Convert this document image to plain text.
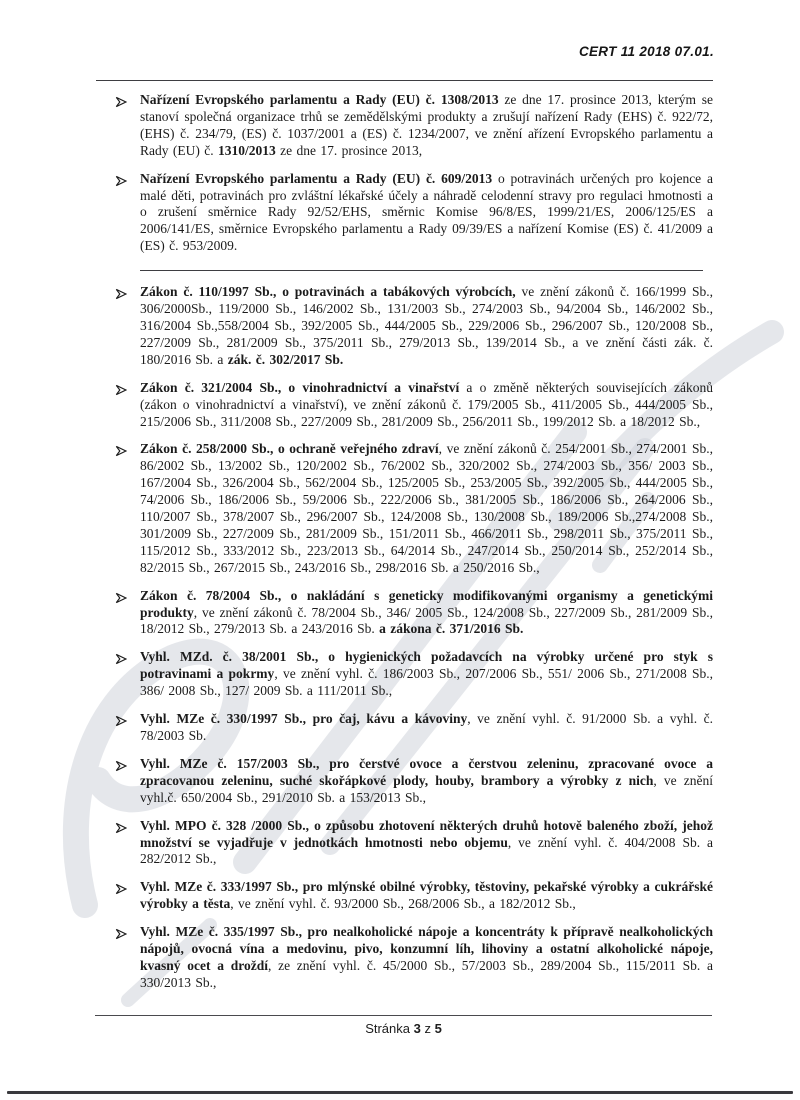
CERT 11 2018 07.01.

Nařízení Evropského parlamentu a Rady (EU) č. 1308/2013 ze dne 17. prosince 2013, kterým se stanoví společná organizace trhů se zemědělskými produkty a zrušují nařízení Rady (EHS) č. 922/72, (EHS) č. 234/79, (ES) č. 1037/2001 a (ES) č. 1234/2007, ve znění ařízení Evropského parlamentu a Rady (EU) č. 1310/2013 ze dne 17. prosince 2013,

Nařízení Evropského parlamentu a Rady (EU) č. 609/2013 o potravinách určených pro kojence a malé děti, potravinách pro zvláštní lékařské účely a náhradě celodenní stravy pro regulaci hmotnosti a o zrušení směrnice Rady 92/52/EHS, směrnic Komise 96/8/ES, 1999/21/ES, 2006/125/ES a 2006/141/ES, směrnice Evropského parlamentu a Rady 09/39/ES a nařízení Komise (ES) č. 41/2009 a (ES) č. 953/2009.

Zákon č. 110/1997 Sb., o potravinách a tabákových výrobcích, ve znění zákonů č. 166/1999 Sb., 306/2000Sb., 119/2000 Sb., 146/2002 Sb., 131/2003 Sb., 274/2003 Sb., 94/2004 Sb., 146/2002 Sb., 316/2004 Sb.,558/2004 Sb., 392/2005 Sb., 444/2005 Sb., 229/2006 Sb., 296/2007 Sb., 120/2008 Sb., 227/2009 Sb., 281/2009 Sb., 375/2011 Sb., 279/2013 Sb., 139/2014 Sb., a ve znění části zák. č. 180/2016 Sb. a zák. č. 302/2017 Sb.

Zákon č. 321/2004 Sb., o vinohradnictví a vinařství a o změně některých souvisejících zákonů (zákon o vinohradnictví a vinařství), ve znění zákonů č. 179/2005 Sb., 411/2005 Sb., 444/2005 Sb., 215/2006 Sb., 311/2008 Sb., 227/2009 Sb., 281/2009 Sb., 256/2011 Sb., 199/2012 Sb. a 18/2012 Sb.,

Zákon č. 258/2000 Sb., o ochraně veřejného zdraví, ve znění zákonů č. 254/2001 Sb., 274/2001 Sb., 86/2002 Sb., 13/2002 Sb., 120/2002 Sb., 76/2002 Sb., 320/2002 Sb., 274/2003 Sb., 356/ 2003 Sb., 167/2004 Sb., 326/2004 Sb., 562/2004 Sb., 125/2005 Sb., 253/2005 Sb., 392/2005 Sb., 444/2005 Sb., 74/2006 Sb., 186/2006 Sb., 59/2006 Sb., 222/2006 Sb., 381/2005 Sb., 186/2006 Sb., 264/2006 Sb., 110/2007 Sb., 378/2007 Sb., 296/2007 Sb., 124/2008 Sb., 130/2008 Sb., 189/2006 Sb.,274/2008 Sb., 301/2009 Sb., 227/2009 Sb., 281/2009 Sb., 151/2011 Sb., 466/2011 Sb., 298/2011 Sb., 375/2011 Sb., 115/2012 Sb., 333/2012 Sb., 223/2013 Sb., 64/2014 Sb., 247/2014 Sb., 250/2014 Sb., 252/2014 Sb., 82/2015 Sb., 267/2015 Sb., 243/2016 Sb., 298/2016 Sb. a 250/2016 Sb.,

Zákon č. 78/2004 Sb., o nakládání s geneticky modifikovanými organismy a genetickými produkty, ve znění zákonů č. 78/2004 Sb., 346/ 2005 Sb., 124/2008 Sb., 227/2009 Sb., 281/2009 Sb., 18/2012 Sb., 279/2013 Sb. a 243/2016 Sb. a zákona č. 371/2016 Sb.

Vyhl. MZd. č. 38/2001 Sb., o hygienických požadavcích na výrobky určené pro styk s potravinami a pokrmy, ve znění vyhl. č. 186/2003 Sb., 207/2006 Sb., 551/ 2006 Sb., 271/2008 Sb., 386/ 2008 Sb., 127/ 2009 Sb. a 111/2011 Sb.,

Vyhl. MZe č. 330/1997 Sb., pro čaj, kávu a kávoviny, ve znění vyhl. č. 91/2000 Sb. a vyhl. č. 78/2003 Sb.

Vyhl. MZe č. 157/2003 Sb., pro čerstvé ovoce a čerstvou zeleninu, zpracované ovoce a zpracovanou zeleninu, suché skořápkové plody, houby, brambory a výrobky z nich, ve znění vyhl.č. 650/2004 Sb., 291/2010 Sb. a 153/2013 Sb.,

Vyhl. MPO č. 328 /2000 Sb., o způsobu zhotovení některých druhů hotově baleného zboží, jehož množství se vyjadřuje v jednotkách hmotnosti nebo objemu, ve znění vyhl. č. 404/2008 Sb. a 282/2012 Sb.,

Vyhl. MZe č. 333/1997 Sb., pro mlýnské obilné výrobky, těstoviny, pekařské výrobky a cukrářské výrobky a těsta, ve znění vyhl. č. 93/2000 Sb., 268/2006 Sb., a 182/2012 Sb.,

Vyhl. MZe č. 335/1997 Sb., pro nealkoholické nápoje a koncentráty k přípravě nealkoholických nápojů, ovocná vína a medovinu, pivo, konzumní líh, lihoviny a ostatní alkoholické nápoje, kvasný ocet a droždí, ze znění vyhl. č. 45/2000 Sb., 57/2003 Sb., 289/2004 Sb., 115/2011 Sb. a 330/2013 Sb.,

Stránka 3 z 5
